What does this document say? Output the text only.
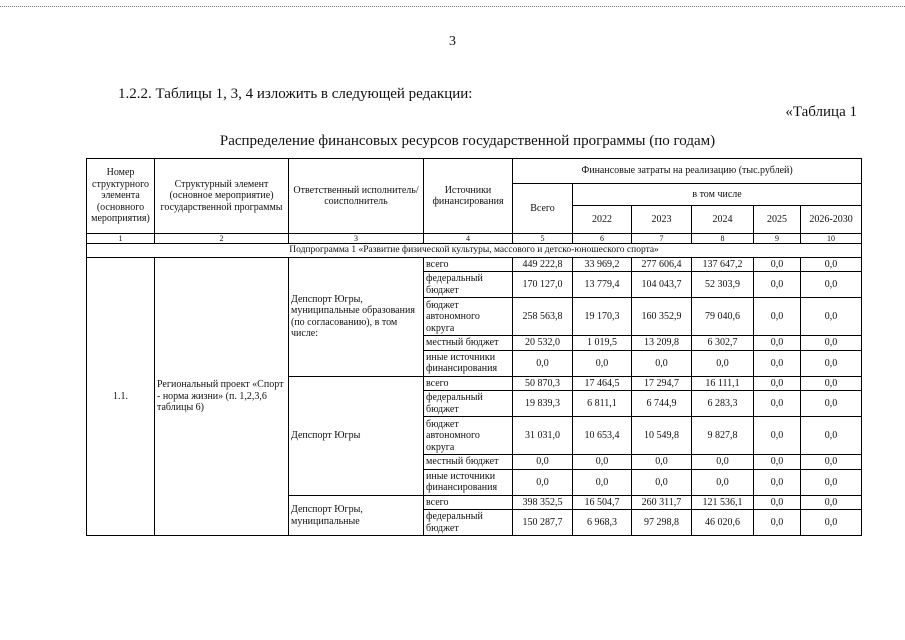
3
1.2.2. Таблицы 1, 3, 4 изложить в следующей редакции:
«Таблица 1
Распределение финансовых ресурсов государственной программы (по годам)
Номер структурного элемента (основного мероприятия)	Структурный элемент (основное мероприятие) государственной программы	Ответственный исполнитель/соисполнитель	Источники финансирования	Финансовые затраты на реализацию (тыс.рублей)					
				Всего	в том числе				
					2022	2023	2024	2025	2026-2030
1	2	3	4	5	6	7	8	9	10
Подпрограмма 1 «Развитие физической культуры, массового и детско-юношеского спорта»									
1.1.	Региональный проект «Спорт - норма жизни» (п. 1,2,3,6 таблицы 6)	Депспорт Югры, муниципальные образования (по согласованию), в том числе:	всего	449 222,8	33 969,2	277 606,4	137 647,2	0,0	0,0
			федеральный бюджет	170 127,0	13 779,4	104 043,7	52 303,9	0,0	0,0
			бюджет автономного округа	258 563,8	19 170,3	160 352,9	79 040,6	0,0	0,0
			местный бюджет	20 532,0	1 019,5	13 209,8	6 302,7	0,0	0,0
			иные источники финансирования	0,0	0,0	0,0	0,0	0,0	0,0
		Депспорт Югры	всего	50 870,3	17 464,5	17 294,7	16 111,1	0,0	0,0
			федеральный бюджет	19 839,3	6 811,1	6 744,9	6 283,3	0,0	0,0
			бюджет автономного округа	31 031,0	10 653,4	10 549,8	9 827,8	0,0	0,0
			местный бюджет	0,0	0,0	0,0	0,0	0,0	0,0
			иные источники финансирования	0,0	0,0	0,0	0,0	0,0	0,0
		Депспорт Югры, муниципальные	всего	398 352,5	16 504,7	260 311,7	121 536,1	0,0	0,0
			федеральный бюджет	150 287,7	6 968,3	97 298,8	46 020,6	0,0	0,0
